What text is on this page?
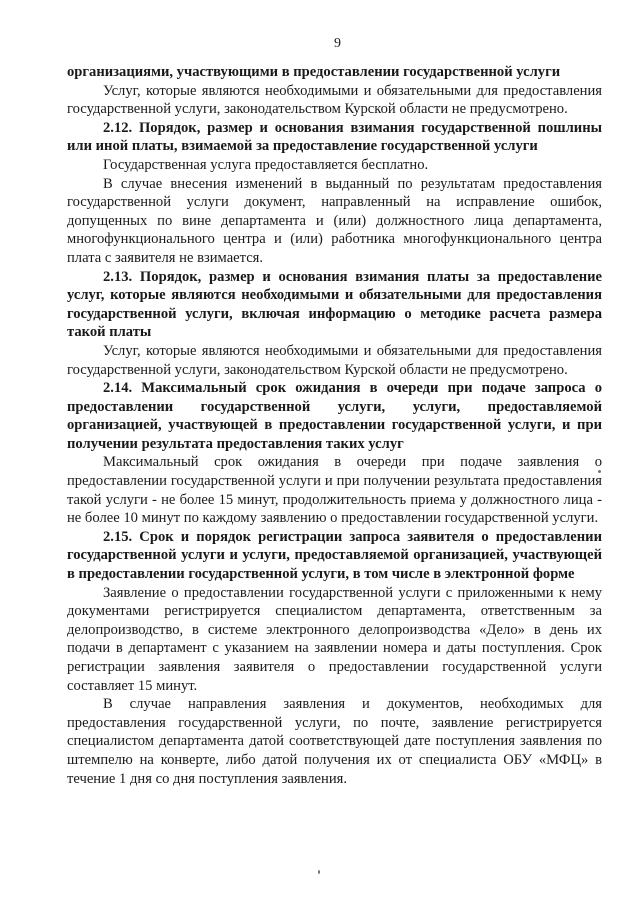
9

организациями, участвующими в предоставлении государственной услуги

Услуг, которые являются необходимыми и обязательными для предоставления государственной услуги, законодательством Курской области не предусмотрено.

2.12. Порядок, размер и основания взимания государственной пошлины или иной платы, взимаемой за предоставление государственной услуги

Государственная услуга предоставляется бесплатно.

В случае внесения изменений в выданный по результатам предоставления государственной услуги документ, направленный на исправление ошибок, допущенных по вине департамента и (или) должностного лица департамента, многофункционального центра и (или) работника многофункционального центра плата с заявителя не взимается.

2.13. Порядок, размер и основания взимания платы за предоставление услуг, которые являются необходимыми и обязательными для предоставления государственной услуги, включая информацию о методике расчета размера такой платы

Услуг, которые являются необходимыми и обязательными для предоставления государственной услуги, законодательством Курской области не предусмотрено.

2.14. Максимальный срок ожидания в очереди при подаче запроса о предоставлении государственной услуги, услуги, предоставляемой организацией, участвующей в предоставлении государственной услуги, и при получении результата предоставления таких услуг

Максимальный срок ожидания в очереди при подаче заявления о предоставлении государственной услуги и при получении результата предоставления такой услуги - не более 15 минут, продолжительность приема у должностного лица - не более 10 минут по каждому заявлению о предоставлении государственной услуги.

2.15. Срок и порядок регистрации запроса заявителя о предоставлении государственной услуги и услуги, предоставляемой организацией, участвующей в предоставлении государственной услуги, в том числе в электронной форме

Заявление о предоставлении государственной услуги с приложенными к нему документами регистрируется специалистом департамента, ответственным за делопроизводство, в системе электронного делопроизводства «Дело» в день их подачи в департамент с указанием на заявлении номера и даты поступления. Срок регистрации заявления заявителя о предоставлении государственной услуги составляет 15 минут.

В случае направления заявления и документов, необходимых для предоставления государственной услуги, по почте, заявление регистрируется специалистом департамента датой соответствующей дате поступления заявления по штемпелю на конверте, либо датой получения их от специалиста ОБУ «МФЦ» в течение 1 дня со дня поступления заявления.
